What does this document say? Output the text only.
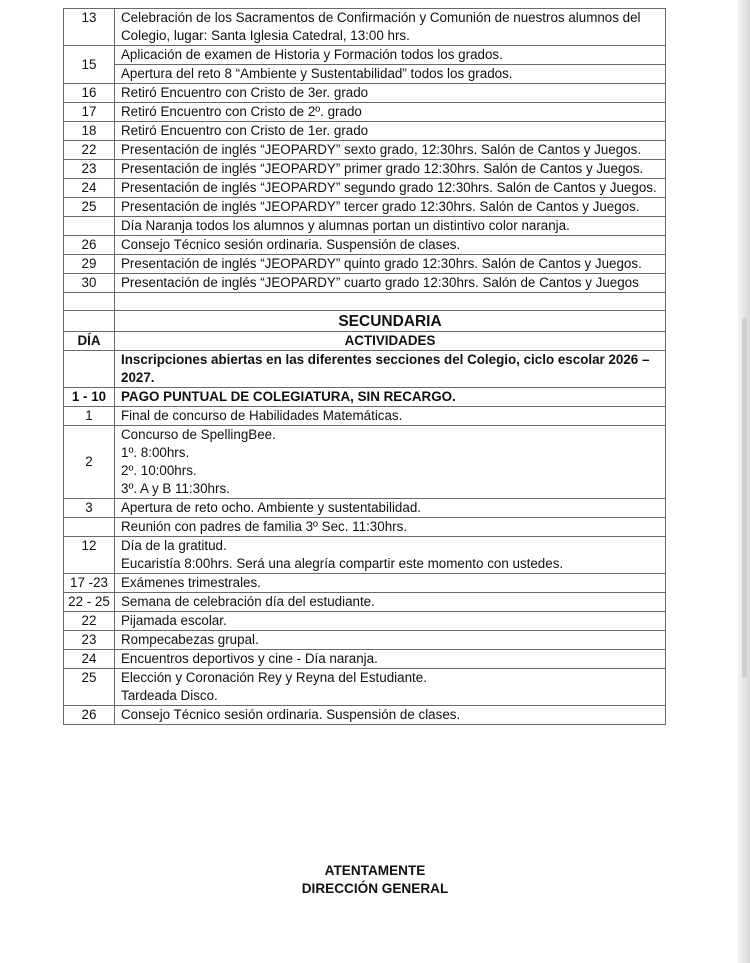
13	Celebración de los Sacramentos de Confirmación y Comunión de nuestros alumnos del Colegio, lugar: Santa Iglesia Catedral, 13:00 hrs.
15	Aplicación de examen de Historia y Formación todos los grados.
	Apertura del reto 8 “Ambiente y Sustentabilidad” todos los grados.
16	Retiró Encuentro con Cristo de 3er. grado
17	Retiró Encuentro con Cristo de 2º. grado
18	Retiró Encuentro con Cristo de 1er. grado
22	Presentación de inglés “JEOPARDY” sexto grado, 12:30hrs. Salón de Cantos y Juegos.
23	Presentación de inglés “JEOPARDY” primer grado 12:30hrs. Salón de Cantos y Juegos.
24	Presentación de inglés “JEOPARDY” segundo grado 12:30hrs. Salón de Cantos y Juegos.
25	Presentación de inglés “JEOPARDY” tercer grado 12:30hrs. Salón de Cantos y Juegos.
	Día Naranja todos los alumnos y alumnas portan un distintivo color naranja.
26	Consejo Técnico sesión ordinaria. Suspensión de clases.
29	Presentación de inglés “JEOPARDY” quinto grado 12:30hrs. Salón de Cantos y Juegos.
30	Presentación de inglés “JEOPARDY” cuarto grado 12:30hrs. Salón de Cantos y Juegos

	SECUNDARIA
DÍA	ACTIVIDADES
	Inscripciones abiertas en las diferentes secciones del Colegio, ciclo escolar 2026 – 2027.
1 - 10	PAGO PUNTUAL DE COLEGIATURA, SIN RECARGO.
1	Final de concurso de Habilidades Matemáticas.
2	Concurso de SpellingBee.
1º. 8:00hrs.
2º. 10:00hrs.
3º. A y B 11:30hrs.

3	Apertura de reto ocho. Ambiente y sustentabilidad.
	Reunión con padres de familia 3º Sec. 11:30hrs.
12	Día de la gratitud.
Eucaristía 8:00hrs. Será una alegría compartir este momento con ustedes.

17 -23	Exámenes trimestrales.
22 - 25	Semana de celebración día del estudiante.
22	Pijamada escolar.
23	Rompecabezas grupal.
24	Encuentros deportivos y cine - Día naranja.
25	Elección y Coronación Rey y Reyna del Estudiante.
Tardeada Disco.

26	Consejo Técnico sesión ordinaria. Suspensión de clases.
ATENTAMENTE
DIRECCIÓN GENERAL
